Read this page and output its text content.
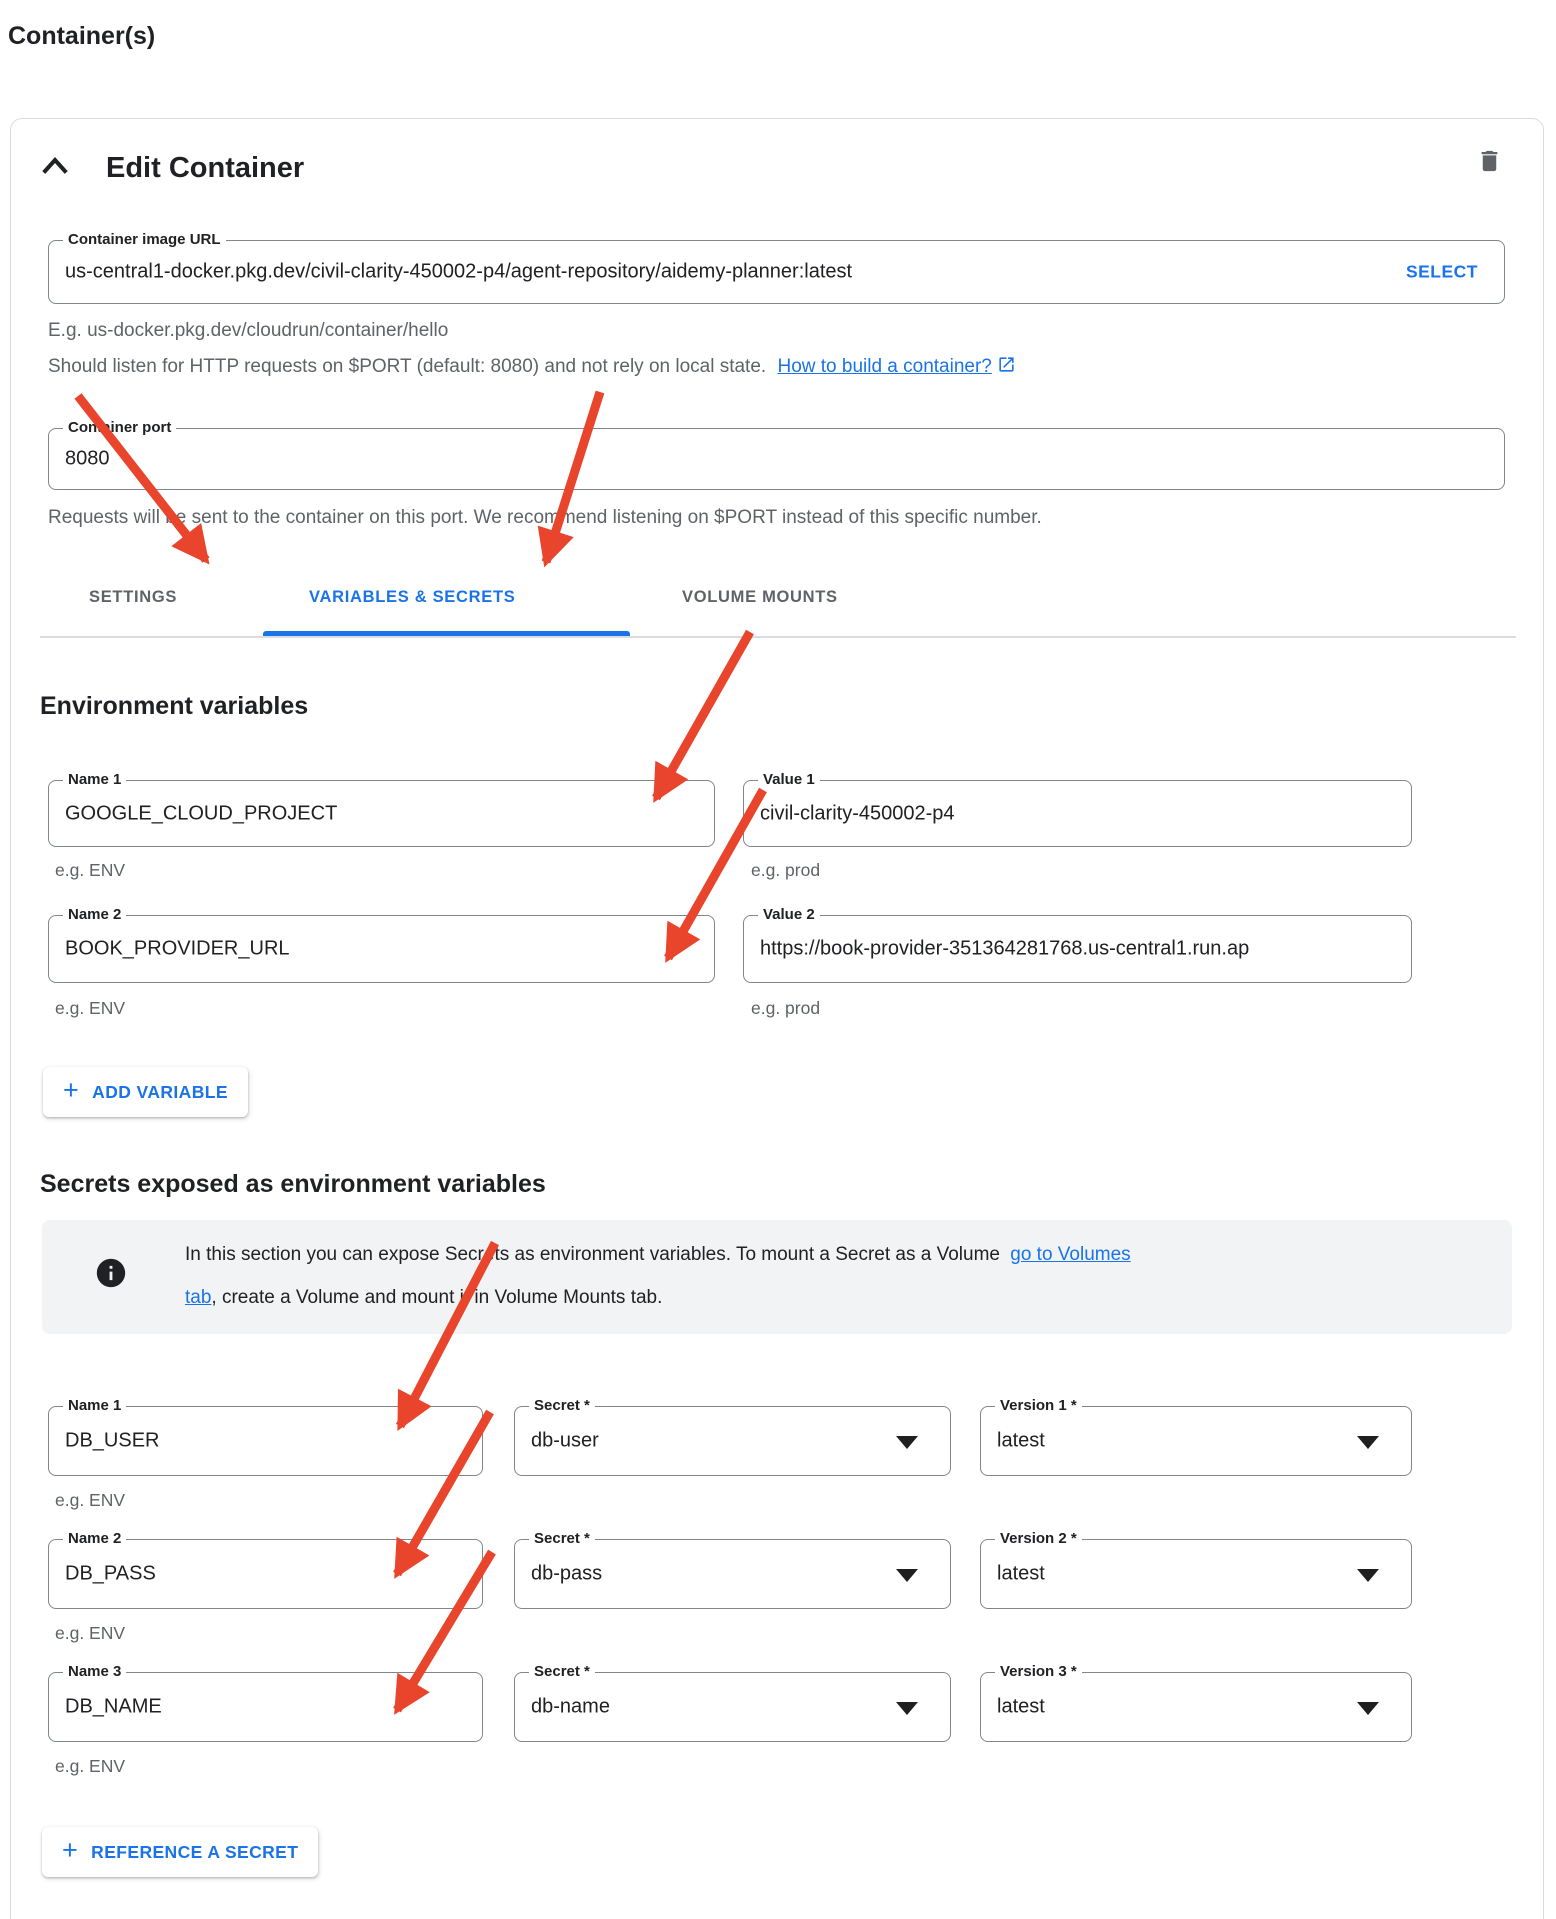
Container(s)
Edit Container
Container image URL
us-central1-docker.pkg.dev/civil-clarity-450002-p4/agent-repository/aidemy-planner:latest	SELECT
E.g. us-docker.pkg.dev/cloudrun/container/hello
Should listen for HTTP requests on $PORT (default: 8080) and not rely on local state. How to build a container?
Container port
8080
Requests will be sent to the container on this port. We recommend listening on $PORT instead of this specific number.
SETTINGS	VARIABLES & SECRETS	VOLUME MOUNTS
Environment variables
Name 1
GOOGLE_CLOUD_PROJECT
Value 1
civil-clarity-450002-p4
e.g. ENV	e.g. prod
Name 2
BOOK_PROVIDER_URL
Value 2
https://book-provider-351364281768.us-central1.run.ap
e.g. ENV	e.g. prod
+ ADD VARIABLE
Secrets exposed as environment variables
In this section you can expose Secrets as environment variables. To mount a Secret as a Volume go to Volumes
tab, create a Volume and mount it in Volume Mounts tab.
Name 1
DB_USER
Secret *
db-user
Version 1 *
latest
e.g. ENV
Name 2
DB_PASS
Secret *
db-pass
Version 2 *
latest
e.g. ENV
Name 3
DB_NAME
Secret *
db-name
Version 3 *
latest
e.g. ENV
+ REFERENCE A SECRET
